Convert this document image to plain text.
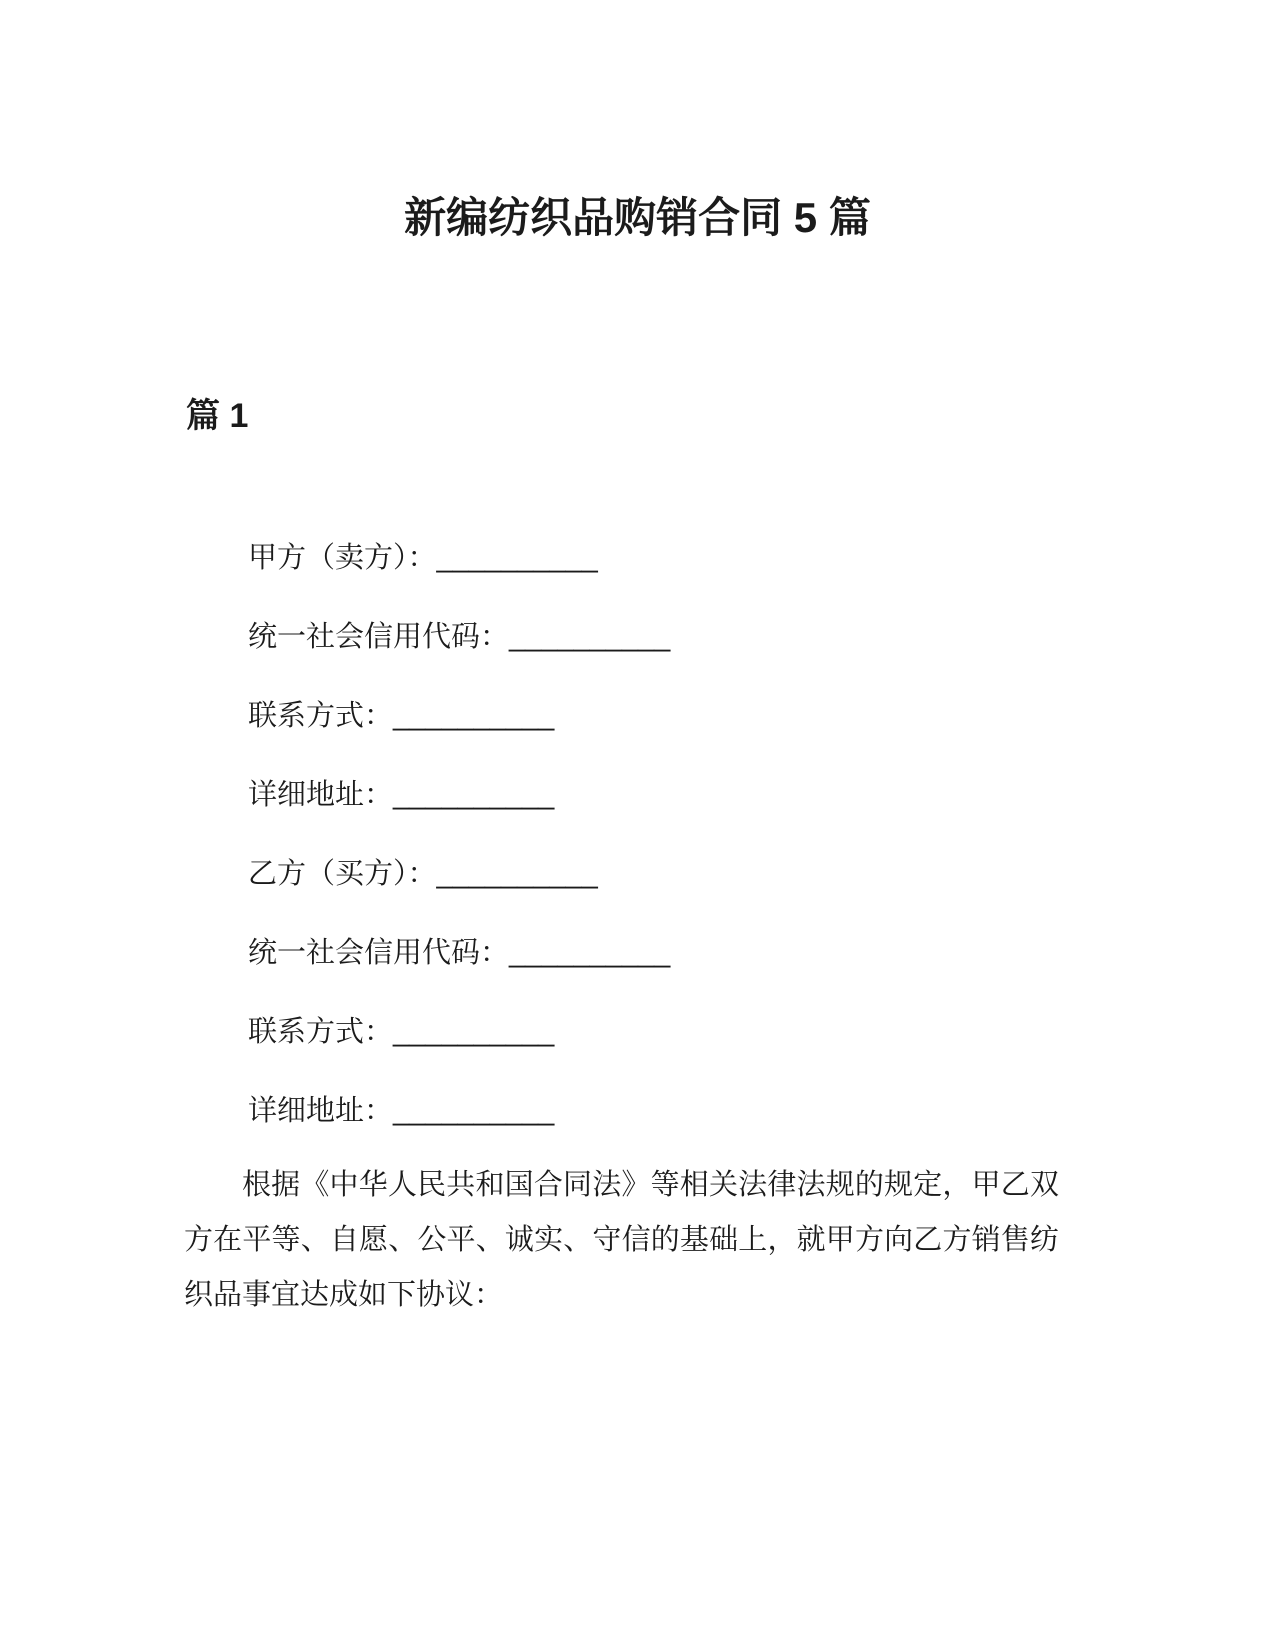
新编纺织品购销合同 5 篇
篇 1

甲方（卖方）：__________

统一社会信用代码：__________

联系方式：__________

详细地址：__________

乙方（买方）：__________

统一社会信用代码：__________

联系方式：__________

详细地址：__________

根据《中华人民共和国合同法》等相关法律法规的规定，甲乙双方在平等、自愿、公平、诚实、守信的基础上，就甲方向乙方销售纺织品事宜达成如下协议：
